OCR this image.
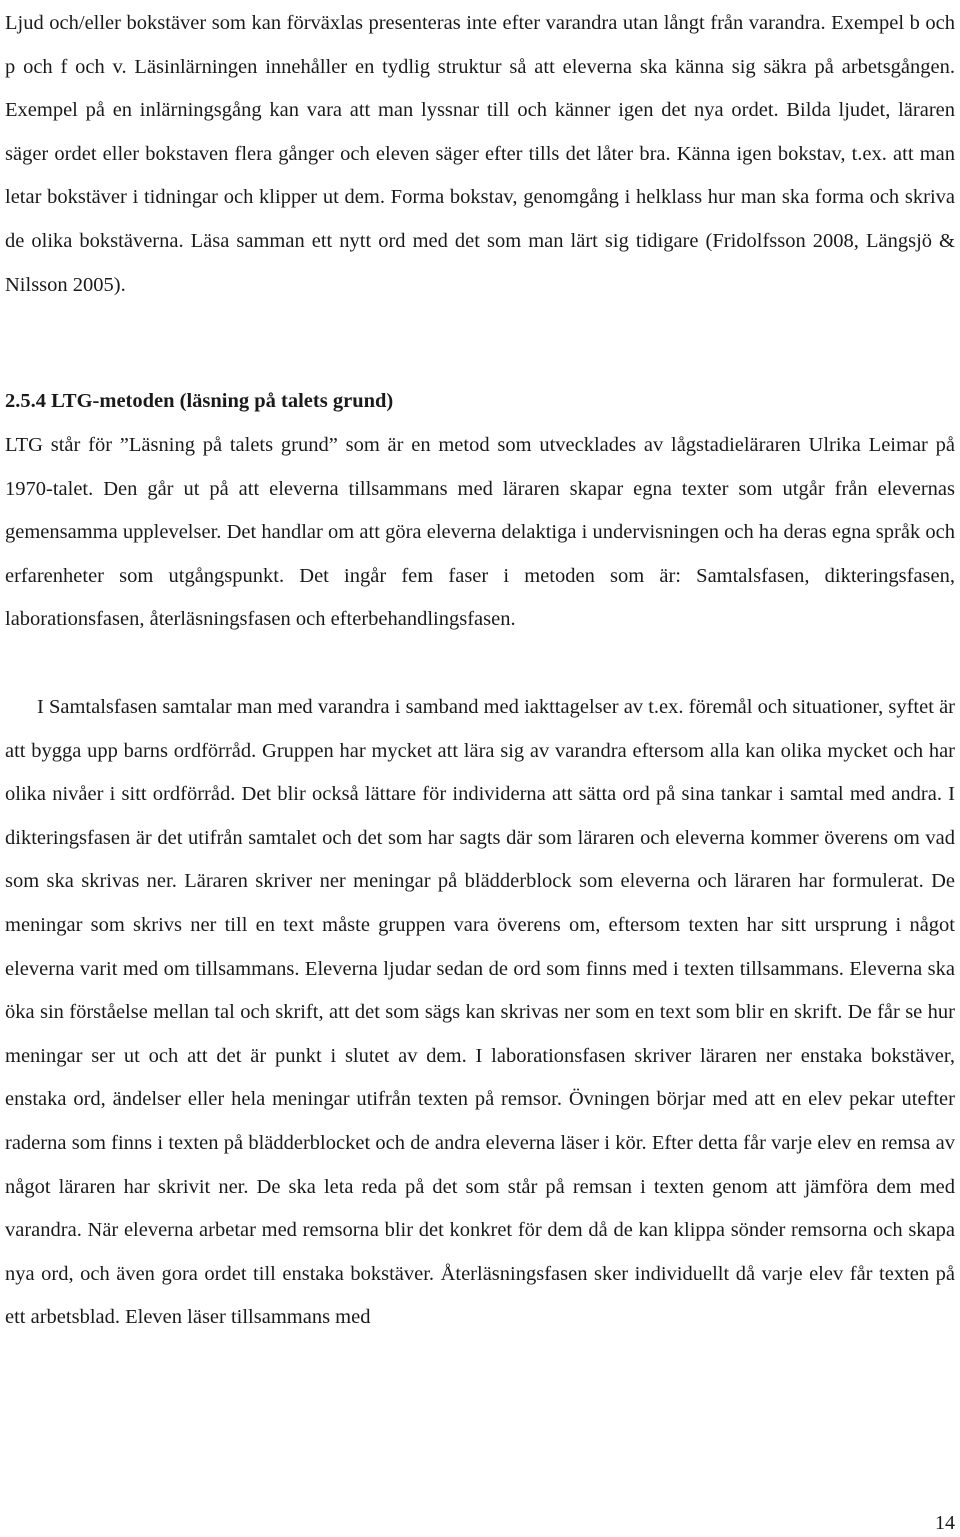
Ljud och/eller bokstäver som kan förväxlas presenteras inte efter varandra utan långt från varandra. Exempel b och p och f och v. Läsinlärningen innehåller en tydlig struktur så att eleverna ska känna sig säkra på arbetsgången. Exempel på en inlärningsgång kan vara att man lyssnar till och känner igen det nya ordet. Bilda ljudet, läraren säger ordet eller bokstaven flera gånger och eleven säger efter tills det låter bra. Känna igen bokstav, t.ex. att man letar bokstäver i tidningar och klipper ut dem. Forma bokstav, genomgång i helklass hur man ska forma och skriva de olika bokstäverna. Läsa samman ett nytt ord med det som man lärt sig tidigare (Fridolfsson 2008, Längsjö & Nilsson 2005).

2.5.4 LTG-metoden (läsning på talets grund)

LTG står för ”Läsning på talets grund” som är en metod som utvecklades av lågstadieläraren Ulrika Leimar på 1970-talet. Den går ut på att eleverna tillsammans med läraren skapar egna texter som utgår från elevernas gemensamma upplevelser. Det handlar om att göra eleverna delaktiga i undervisningen och ha deras egna språk och erfarenheter som utgångspunkt. Det ingår fem faser i metoden som är: Samtalsfasen, dikteringsfasen, laborationsfasen, återläsningsfasen och efterbehandlingsfasen.

I Samtalsfasen samtalar man med varandra i samband med iakttagelser av t.ex. föremål och situationer, syftet är att bygga upp barns ordförråd. Gruppen har mycket att lära sig av varandra eftersom alla kan olika mycket och har olika nivåer i sitt ordförråd. Det blir också lättare för individerna att sätta ord på sina tankar i samtal med andra. I dikteringsfasen är det utifrån samtalet och det som har sagts där som läraren och eleverna kommer överens om vad som ska skrivas ner. Läraren skriver ner meningar på blädderblock som eleverna och läraren har formulerat. De meningar som skrivs ner till en text måste gruppen vara överens om, eftersom texten har sitt ursprung i något eleverna varit med om tillsammans. Eleverna ljudar sedan de ord som finns med i texten tillsammans. Eleverna ska öka sin förståelse mellan tal och skrift, att det som sägs kan skrivas ner som en text som blir en skrift. De får se hur meningar ser ut och att det är punkt i slutet av dem. I laborationsfasen skriver läraren ner enstaka bokstäver, enstaka ord, ändelser eller hela meningar utifrån texten på remsor. Övningen börjar med att en elev pekar utefter raderna som finns i texten på blädderblocket och de andra eleverna läser i kör. Efter detta får varje elev en remsa av något läraren har skrivit ner. De ska leta reda på det som står på remsan i texten genom att jämföra dem med varandra. När eleverna arbetar med remsorna blir det konkret för dem då de kan klippa sönder remsorna och skapa nya ord, och även gora ordet till enstaka bokstäver. Återläsningsfasen sker individuellt då varje elev får texten på ett arbetsblad. Eleven läser tillsammans med

14
